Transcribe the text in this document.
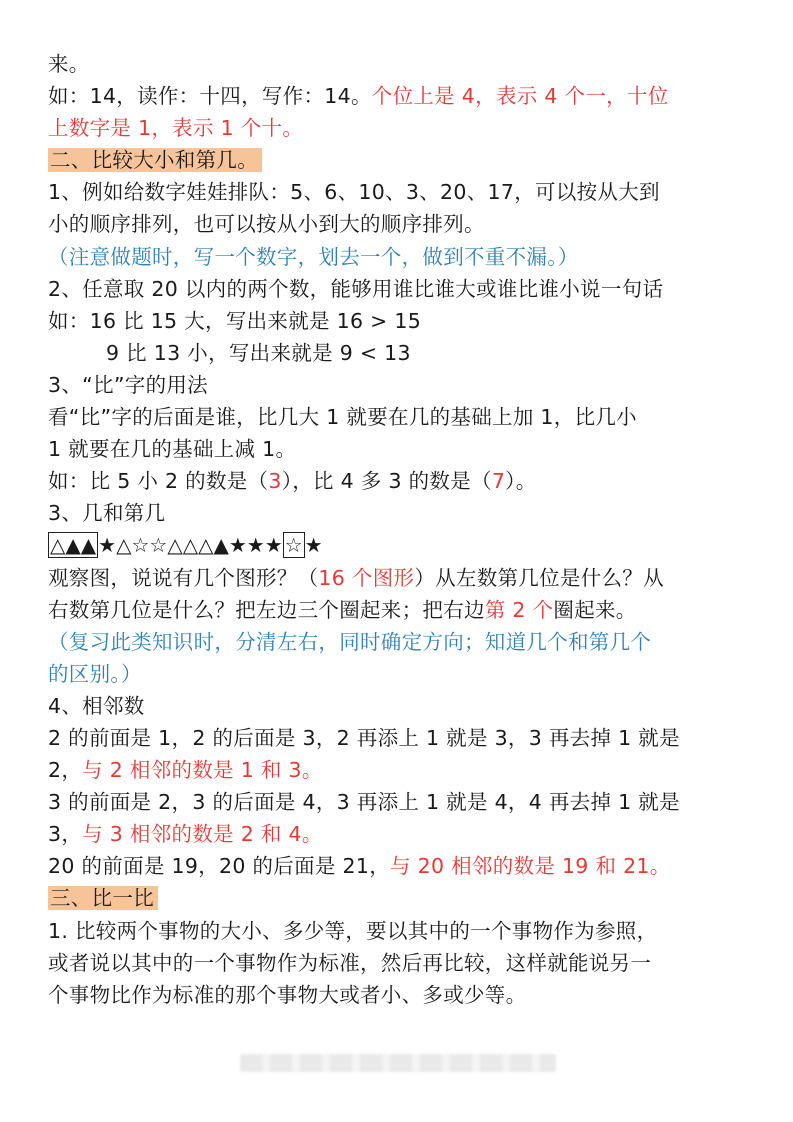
来。
如：14，读作：十四，写作：14。个位上是 4，表示 4 个一，十位
上数字是 1，表示 1 个十。
二、比较大小和第几。
1、例如给数字娃娃排队：5、6、10、3、20、17，可以按从大到
小的顺序排列，也可以按从小到大的顺序排列。
（注意做题时，写一个数字，划去一个，做到不重不漏。）
2、任意取 20 以内的两个数，能够用谁比谁大或谁比谁小说一句话
如：16 比 15 大，写出来就是 16 > 15
9 比 13 小，写出来就是 9 < 13
3、“比”字的用法
看“比”字的后面是谁，比几大 1 就要在几的基础上加 1，比几小
1 就要在几的基础上减 1。
如：比 5 小 2 的数是（3），比 4 多 3 的数是（7）。
3、几和第几
△▲▲ ★△☆☆△△△▲★★★ ☆ ★
观察图，说说有几个图形？（16 个图形）从左数第几位是什么？从
右数第几位是什么？把左边三个圈起来；把右边第 2 个圈起来。
（复习此类知识时，分清左右，同时确定方向；知道几个和第几个
的区别。）
4、相邻数
2 的前面是 1，2 的后面是 3，2 再添上 1 就是 3，3 再去掉 1 就是
2，与 2 相邻的数是 1 和 3。
3 的前面是 2，3 的后面是 4，3 再添上 1 就是 4，4 再去掉 1 就是
3，与 3 相邻的数是 2 和 4。
20 的前面是 19，20 的后面是 21，与 20 相邻的数是 19 和 21。
三、比一比
1. 比较两个事物的大小、多少等，要以其中的一个事物作为参照，
或者说以其中的一个事物作为标准，然后再比较，这样就能说另一
个事物比作为标准的那个事物大或者小、多或少等。
